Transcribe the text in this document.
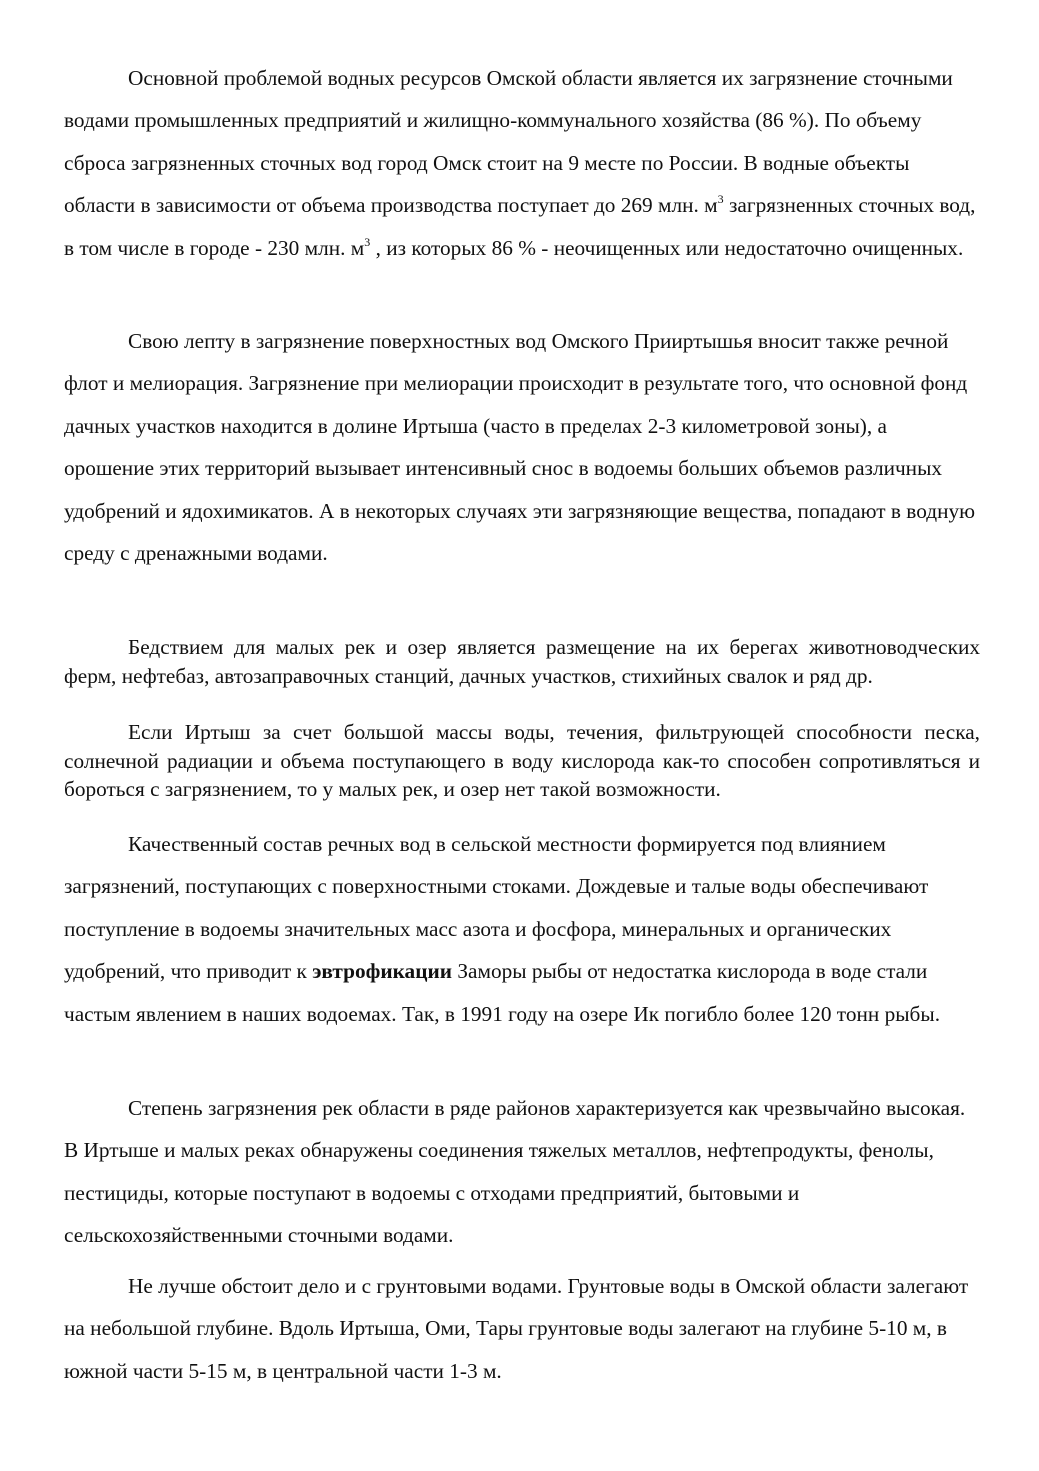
Основной проблемой водных ресурсов Омской области является их загрязнение сточными водами промышленных предприятий и жилищно-коммунального хозяйства (86 %). По объему сброса загрязненных сточных вод город Омск стоит на 9 месте по России. В водные объекты области в зависимости от объема производства поступает до 269 млн. $м^3$ загрязненных сточных вод, в том числе в городе - 230 млн. $м^3$ , из которых 86 % - неочищенных или недостаточно очищенных.

Свою лепту в загрязнение поверхностных вод Омского Прииртышья вносит также речной флот и мелиорация. Загрязнение при мелиорации происходит в результате того, что основной фонд дачных участков находится в долине Иртыша (часто в пределах 2-3 километровой зоны), а орошение этих территорий вызывает интенсивный снос в водоемы больших объемов различных удобрений и ядохимикатов. А в некоторых случаях эти загрязняющие вещества, попадают в водную среду с дренажными водами.

Бедствием для малых рек и озер является размещение на их берегах животноводческих ферм, нефтебаз, автозаправочных станций, дачных участков, стихийных свалок и ряд др.

Если Иртыш за счет большой массы воды, течения, фильтрующей способности песка, солнечной радиации и объема поступающего в воду кислорода как-то способен сопротивляться и бороться с загрязнением, то у малых рек, и озер нет такой возможности.

Качественный состав речных вод в сельской местности формируется под влиянием загрязнений, поступающих с поверхностными стоками. Дождевые и талые воды обеспечивают поступление в водоемы значительных масс азота и фосфора, минеральных и органических удобрений, что приводит к эвтрофикации Заморы рыбы от недостатка кислорода в воде стали частым явлением в наших водоемах. Так, в 1991 году на озере Ик погибло более 120 тонн рыбы.

Степень загрязнения рек области в ряде районов характеризуется как чрезвычайно высокая. В Иртыше и малых реках обнаружены соединения тяжелых металлов, нефтепродукты, фенолы, пестициды, которые поступают в водоемы с отходами предприятий, бытовыми и сельскохозяйственными сточными водами.

Не лучше обстоит дело и с грунтовыми водами. Грунтовые воды в Омской области залегают на небольшой глубине. Вдоль Иртыша, Оми, Тары грунтовые воды залегают на глубине 5-10 м, в южной части 5-15 м, в центральной части 1-3 м.
